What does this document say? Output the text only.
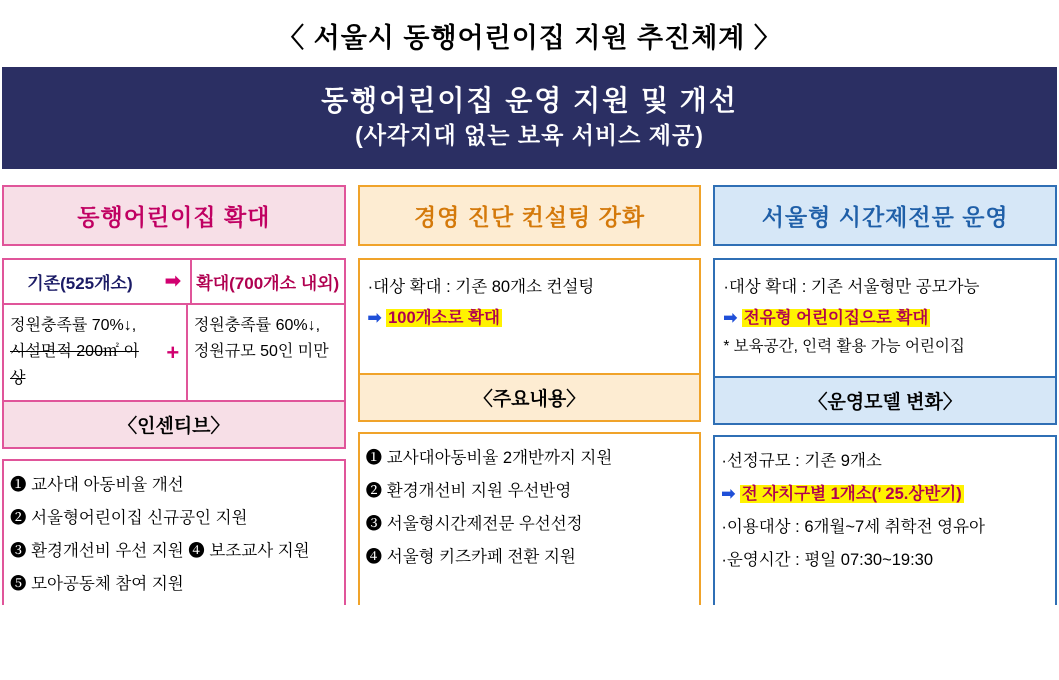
〈 서울시 동행어린이집 지원 추진체계 〉
동행어린이집 운영 지원 및 개선
(사각지대 없는 보육 서비스 제공)
동행어린이집 확대
기존(525개소)	➡ 확대(700개소 내외)
정원충족률 70%↓,
시설면적 200㎡ 이상
+
정원충족률 60%↓,
정원규모 50인 미만
〈인센티브〉
❶ 교사대 아동비율 개선
❷ 서울형어린이집 신규공인 지원
❸ 환경개선비 우선 지원 ❹ 보조교사 지원
❺ 모아공동체 참여 지원
경영 진단 컨설팅 강화
·대상 확대 : 기존 80개소 컨설팅
➡ 100개소로 확대

〈주요내용〉
❶ 교사대아동비율 2개반까지 지원
❷ 환경개선비 지원 우선반영
❸ 서울형시간제전문 우선선정
❹ 서울형 키즈카페 전환 지원
서울형 시간제전문 운영
·대상 확대 : 기존 서울형만 공모가능
➡ 전유형 어린이집으로 확대
* 보육공간, 인력 활용 가능 어린이집
〈운영모델 변화〉
·선정규모 : 기존 9개소
➡ 전 자치구별 1개소(’ 25.상반기)
·이용대상 : 6개월~7세 취학전 영유아
·운영시간 : 평일 07:30~19:30
